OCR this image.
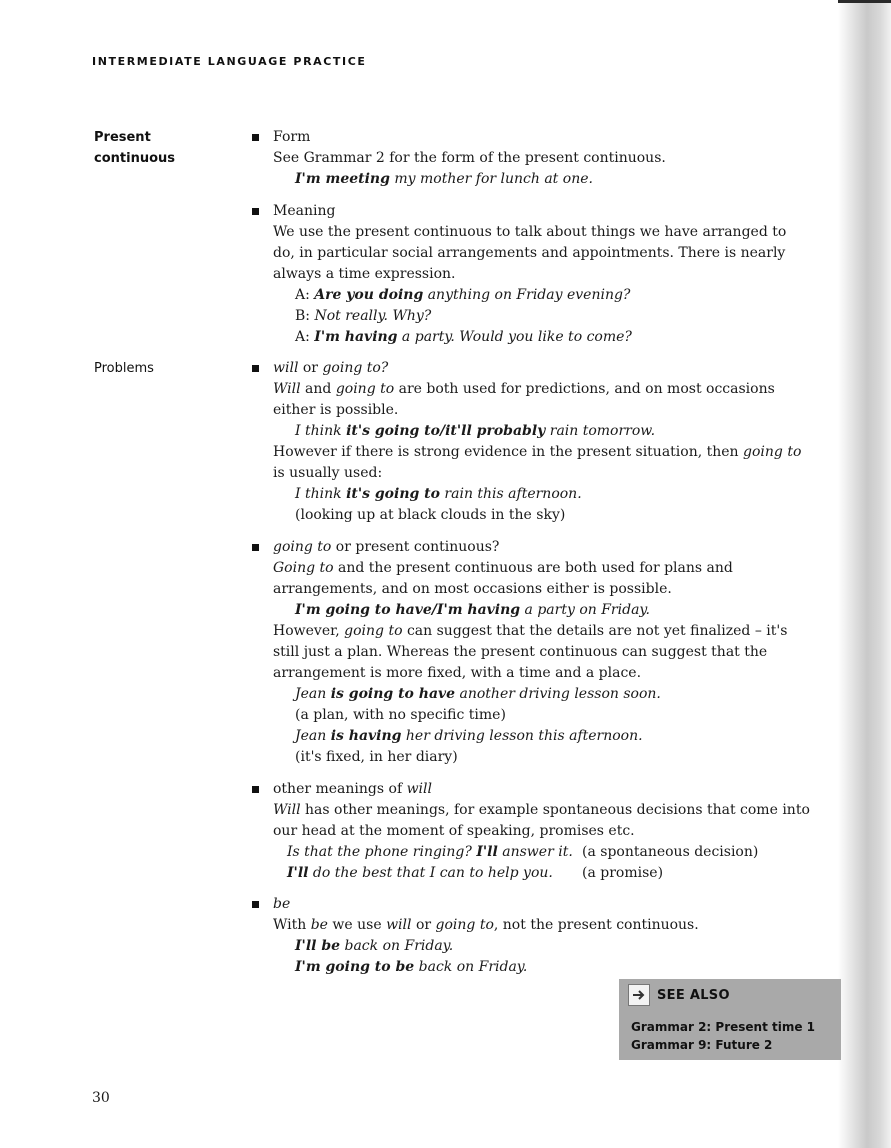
INTERMEDIATE LANGUAGE PRACTICE
Present
continuous
Problems

Form

See Grammar 2 for the form of the present continuous.

I'm meeting my mother for lunch at one.

Meaning

We use the present continuous to talk about things we have arranged to do, in particular social arrangements and appointments. There is nearly always a time expression.

A: Are you doing anything on Friday evening?

B: Not really. Why?

A: I'm having a party. Would you like to come?

will or going to?

Will and going to are both used for predictions, and on most occasions either is possible.

I think it's going to/it'll probably rain tomorrow.

However if there is strong evidence in the present situation, then going to is usually used:

I think it's going to rain this afternoon.

(looking up at black clouds in the sky)

going to or present continuous?

Going to and the present continuous are both used for plans and arrangements, and on most occasions either is possible.

I'm going to have/I'm having a party on Friday.

However, going to can suggest that the details are not yet finalized – it's still just a plan. Whereas the present continuous can suggest that the arrangement is more fixed, with a time and a place.

Jean is going to have another driving lesson soon.

(a plan, with no specific time)

Jean is having her driving lesson this afternoon.

(it's fixed, in her diary)

other meanings of will

Will has other meanings, for example spontaneous decisions that come into our head at the moment of speaking, promises etc.

Is that the phone ringing? I'll answer it. (a spontaneous decision)
I'll do the best that I can to help you.	(a promise)

be

With be we use will or going to, not the present continuous.

I'll be back on Friday.

I'm going to be back on Friday.

SEE ALSO
Grammar 2: Present time 1
Grammar 9: Future 2
30
